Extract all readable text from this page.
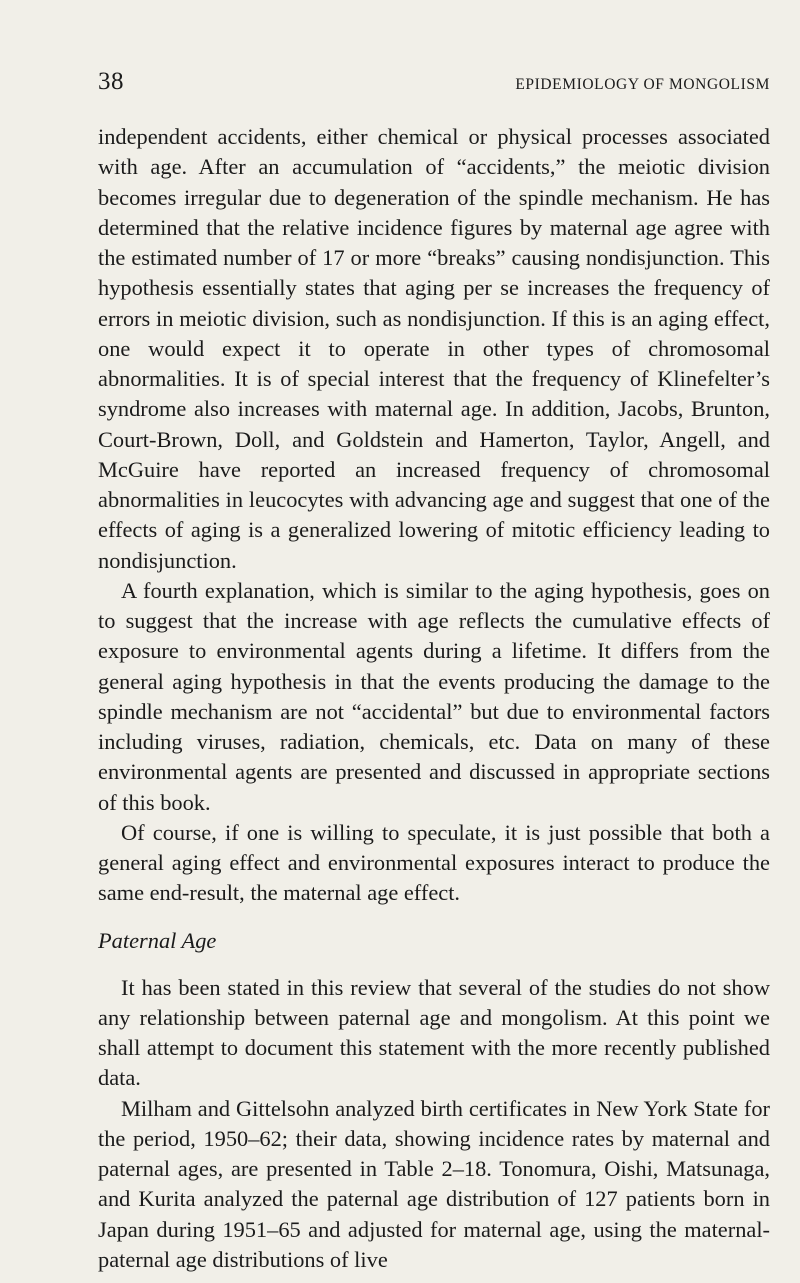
38	EPIDEMIOLOGY OF MONGOLISM

independent accidents, either chemical or physical processes associated with age. After an accumulation of “accidents,” the meiotic division becomes irregular due to degeneration of the spindle mechanism. He has determined that the relative incidence figures by maternal age agree with the estimated number of 17 or more “breaks” causing nondisjunction. This hypothesis essentially states that aging per se increases the frequency of errors in meiotic division, such as nondisjunction. If this is an aging effect, one would expect it to operate in other types of chromosomal abnormalities. It is of special interest that the frequency of Klinefelter’s syndrome also increases with maternal age. In addition, Jacobs, Brunton, Court-Brown, Doll, and Goldstein and Hamerton, Taylor, Angell, and McGuire have reported an increased frequency of chromosomal abnormalities in leucocytes with advancing age and suggest that one of the effects of aging is a generalized lowering of mitotic efficiency leading to nondisjunction.

A fourth explanation, which is similar to the aging hypothesis, goes on to suggest that the increase with age reflects the cumulative effects of exposure to environmental agents during a lifetime. It differs from the general aging hypothesis in that the events producing the damage to the spindle mechanism are not “accidental” but due to environmental factors including viruses, radiation, chemicals, etc. Data on many of these environmental agents are presented and discussed in appropriate sections of this book.

Of course, if one is willing to speculate, it is just possible that both a general aging effect and environmental exposures interact to produce the same end-result, the maternal age effect.

Paternal Age

It has been stated in this review that several of the studies do not show any relationship between paternal age and mongolism. At this point we shall attempt to document this statement with the more recently published data.

Milham and Gittelsohn analyzed birth certificates in New York State for the period, 1950–62; their data, showing incidence rates by maternal and paternal ages, are presented in Table 2–18. Tonomura, Oishi, Matsunaga, and Kurita analyzed the paternal age distribution of 127 patients born in Japan during 1951–65 and adjusted for maternal age, using the maternal-paternal age distributions of live
